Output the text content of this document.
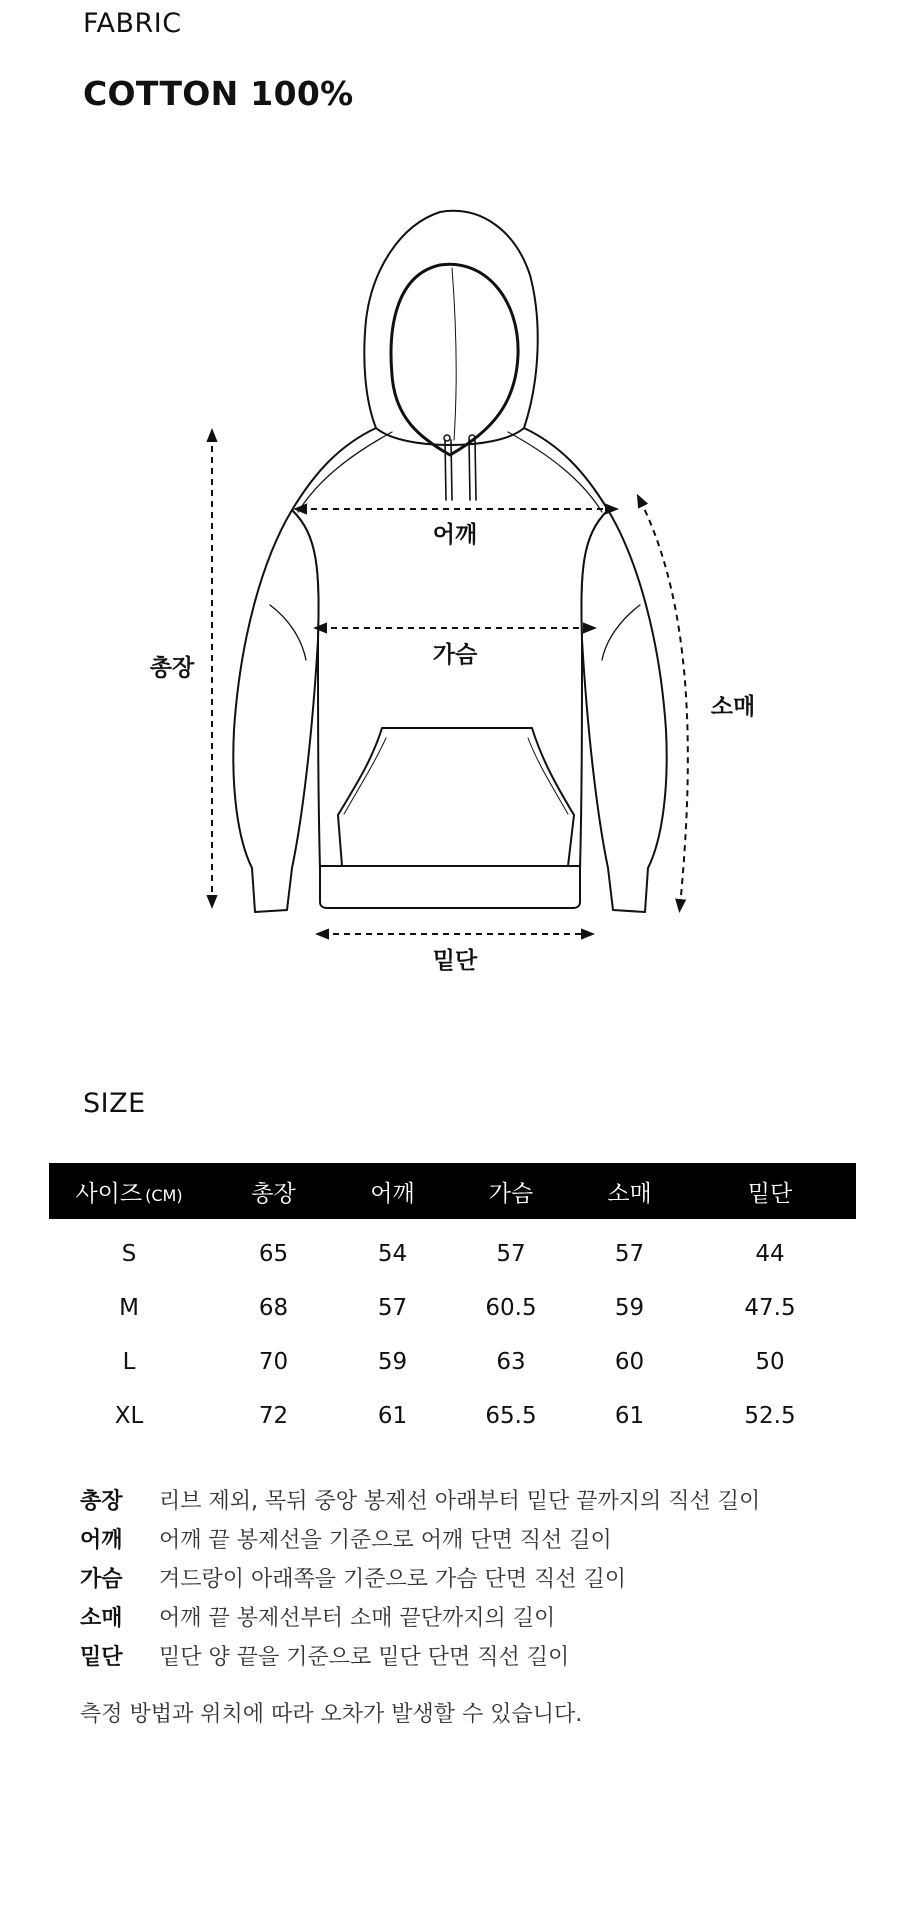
FABRIC
COTTON 100%
어깨
가슴
총장
소매
밑단
SIZE
사이즈 (CM)	총장	어깨	가슴	소매	밑단
S	65	54	57	57	44
M	68	57	60.5	59	47.5
L	70	59	63	60	50
XL	72	61	65.5	61	52.5
총장	리브 제외, 목뒤 중앙 봉제선 아래부터 밑단 끝까지의 직선 길이
어깨	어깨 끝 봉제선을 기준으로 어깨 단면 직선 길이
가슴	겨드랑이 아래쪽을 기준으로 가슴 단면 직선 길이
소매	어깨 끝 봉제선부터 소매 끝단까지의 길이
밑단	밑단 양 끝을 기준으로 밑단 단면 직선 길이
측정 방법과 위치에 따라 오차가 발생할 수 있습니다.
